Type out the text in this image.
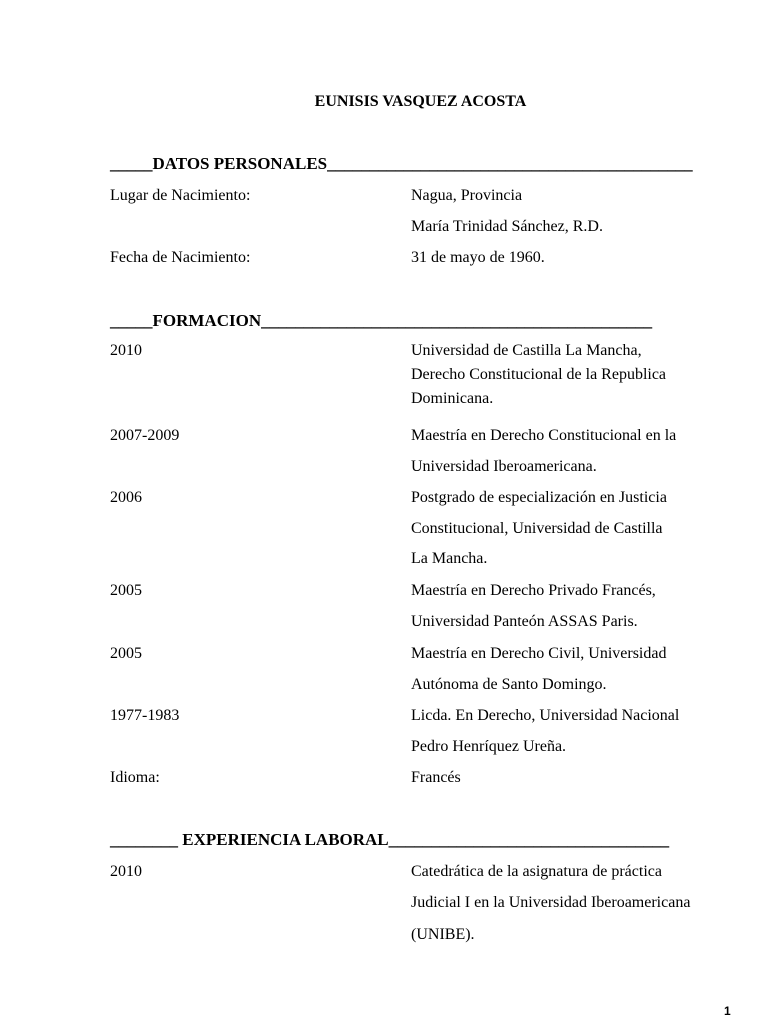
EUNISIS VASQUEZ ACOSTA
_____DATOS PERSONALES___________________________________________
Lugar de Nacimiento:	Nagua, Provincia
María Trinidad Sánchez, R.D.
Fecha de Nacimiento:	31 de mayo de 1960.
_____FORMACION______________________________________________
2010	Universidad de Castilla La Mancha,
Derecho Constitucional de la Republica
Dominicana.
2007-2009	Maestría en Derecho Constitucional en la
Universidad Iberoamericana.
2006	Postgrado de especialización en Justicia
Constitucional, Universidad de Castilla
La Mancha.
2005	Maestría en Derecho Privado Francés,
Universidad Panteón ASSAS Paris.
2005	Maestría en Derecho Civil, Universidad
Autónoma de Santo Domingo.
1977-1983	Licda. En Derecho, Universidad Nacional
Pedro Henríquez Ureña.
Idioma:	Francés
________ EXPERIENCIA LABORAL_________________________________
2010	Catedrática de la asignatura de práctica
Judicial I en la Universidad Iberoamericana
(UNIBE).
1
